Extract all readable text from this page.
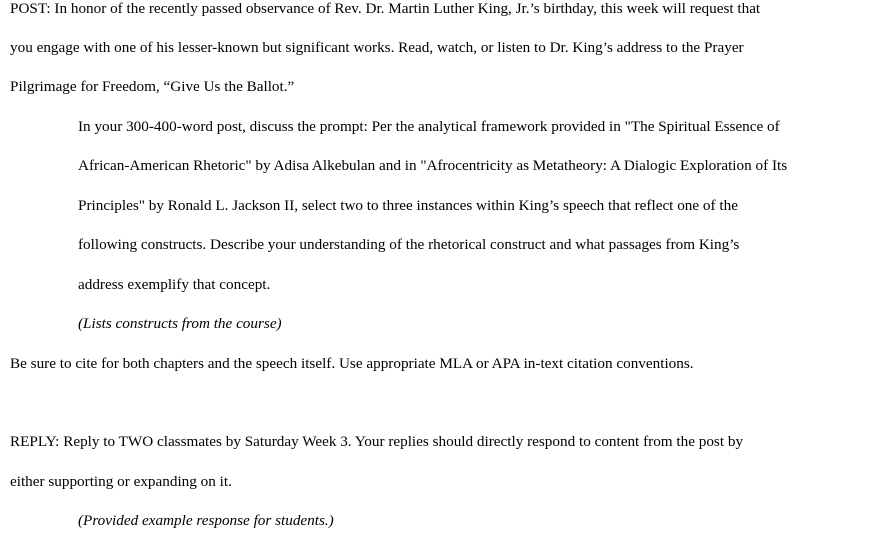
POST: In honor of the recently passed observance of Rev. Dr. Martin Luther King, Jr.’s birthday, this week will request that
you engage with one of his lesser-known but significant works. Read, watch, or listen to Dr. King’s address to the Prayer
Pilgrimage for Freedom, “Give Us the Ballot.”
In your 300-400-word post, discuss the prompt: Per the analytical framework provided in "The Spiritual Essence of
African-American Rhetoric" by Adisa Alkebulan and in "Afrocentricity as Metatheory: A Dialogic Exploration of Its
Principles" by Ronald L. Jackson II, select two to three instances within King’s speech that reflect one of the
following constructs. Describe your understanding of the rhetorical construct and what passages from King’s
address exemplify that concept.
(Lists constructs from the course)
Be sure to cite for both chapters and the speech itself. Use appropriate MLA or APA in-text citation conventions.
REPLY: Reply to TWO classmates by Saturday Week 3. Your replies should directly respond to content from the post by
either supporting or expanding on it.
(Provided example response for students.)
